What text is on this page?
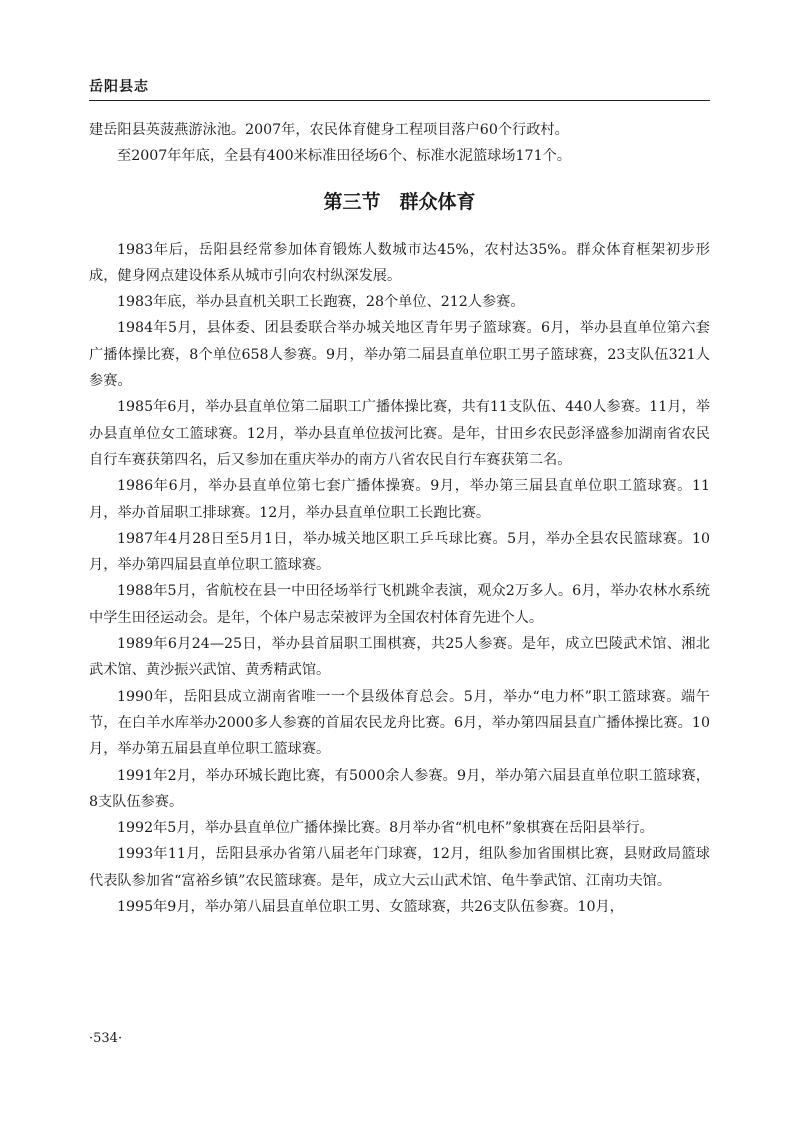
岳阳县志

建岳阳县英菠燕游泳池。2007年，农民体育健身工程项目落户60个行政村。

至2007年年底，全县有400米标准田径场6个、标准水泥篮球场171个。

第三节　群众体育

1983年后，岳阳县经常参加体育锻炼人数城市达45%，农村达35%。群众体育框架初步形成，健身网点建设体系从城市引向农村纵深发展。

1983年底，举办县直机关职工长跑赛，28个单位、212人参赛。

1984年5月，县体委、团县委联合举办城关地区青年男子篮球赛。6月，举办县直单位第六套广播体操比赛，8个单位658人参赛。9月，举办第二届县直单位职工男子篮球赛，23支队伍321人参赛。

1985年6月，举办县直单位第二届职工广播体操比赛，共有11支队伍、440人参赛。11月，举办县直单位女工篮球赛。12月，举办县直单位拔河比赛。是年，甘田乡农民彭泽盛参加湖南省农民自行车赛获第四名，后又参加在重庆举办的南方八省农民自行车赛获第二名。

1986年6月，举办县直单位第七套广播体操赛。9月，举办第三届县直单位职工篮球赛。11月，举办首届职工排球赛。12月，举办县直单位职工长跑比赛。

1987年4月28日至5月1日，举办城关地区职工乒乓球比赛。5月，举办全县农民篮球赛。10月，举办第四届县直单位职工篮球赛。

1988年5月，省航校在县一中田径场举行飞机跳伞表演，观众2万多人。6月，举办农林水系统中学生田径运动会。是年，个体户易志荣被评为全国农村体育先进个人。

1989年6月24—25日，举办县首届职工围棋赛，共25人参赛。是年，成立巴陵武术馆、湘北武术馆、黄沙振兴武馆、黄秀精武馆。

1990年，岳阳县成立湖南省唯一一个县级体育总会。5月，举办“电力杯”职工篮球赛。端午节，在白羊水库举办2000多人参赛的首届农民龙舟比赛。6月，举办第四届县直广播体操比赛。10月，举办第五届县直单位职工篮球赛。

1991年2月，举办环城长跑比赛，有5000余人参赛。9月，举办第六届县直单位职工篮球赛，8支队伍参赛。

1992年5月，举办县直单位广播体操比赛。8月举办省“机电杯”象棋赛在岳阳县举行。

1993年11月，岳阳县承办省第八届老年门球赛，12月，组队参加省围棋比赛，县财政局篮球代表队参加省“富裕乡镇”农民篮球赛。是年，成立大云山武术馆、龟牛拳武馆、江南功夫馆。

1995年9月，举办第八届县直单位职工男、女篮球赛，共26支队伍参赛。10月，

·534·
